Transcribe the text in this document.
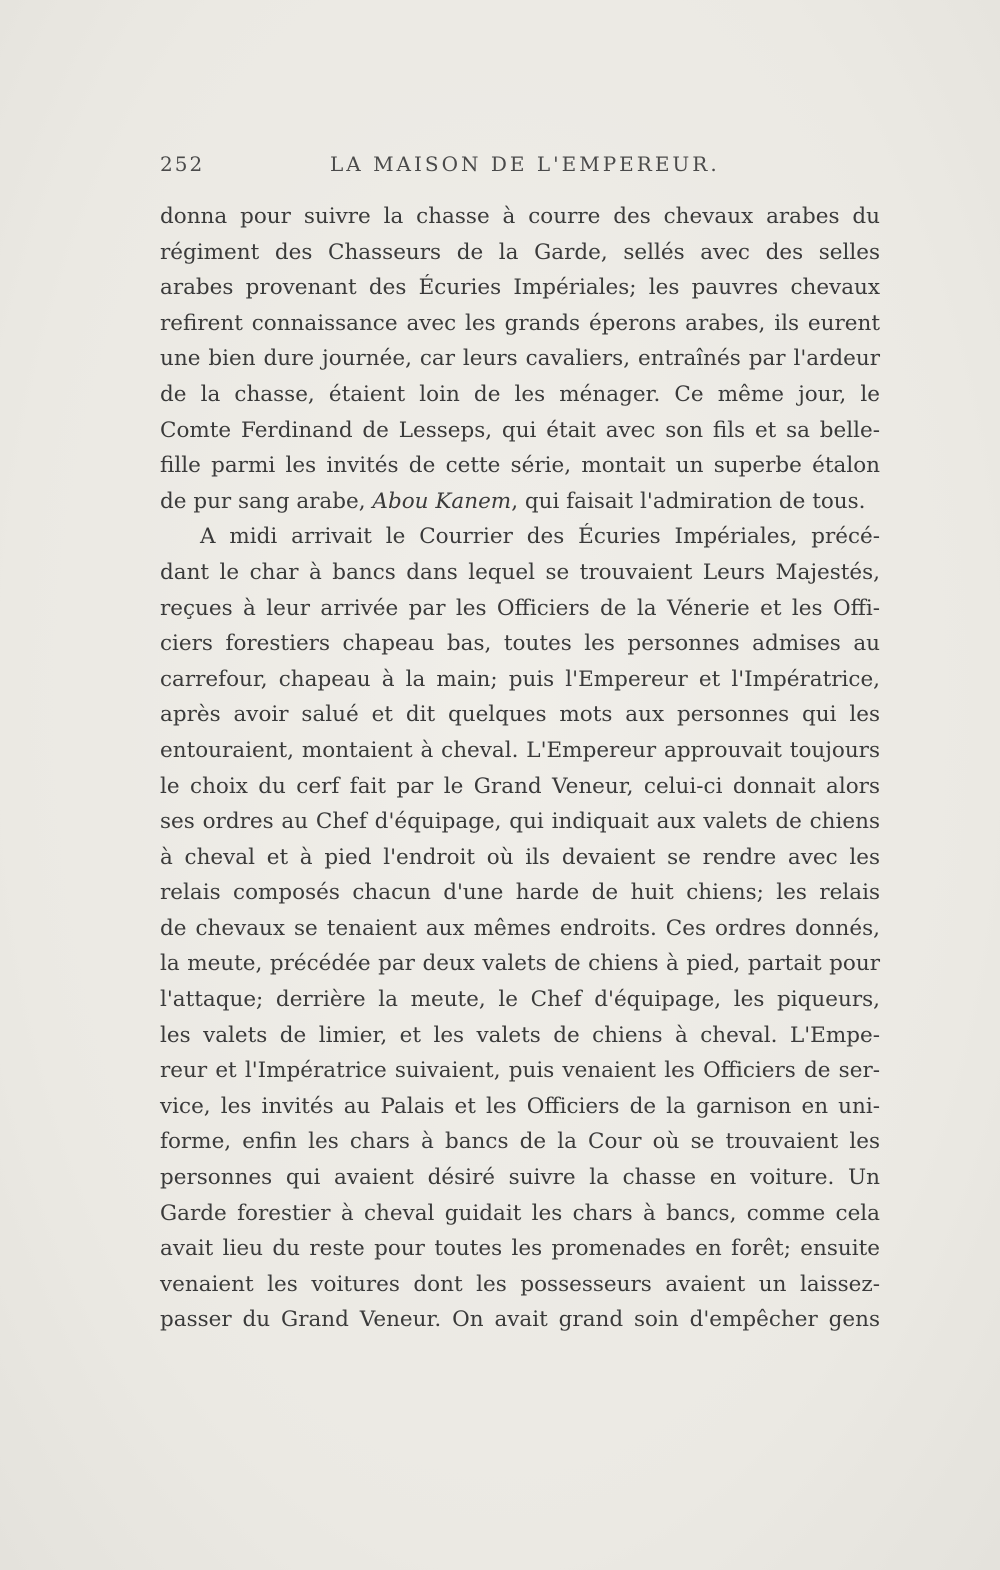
252	LA MAISON DE L'EMPEREUR.
donna pour suivre la chasse à courre des chevaux arabes du
régiment des Chasseurs de la Garde, sellés avec des selles
arabes provenant des Écuries Impériales; les pauvres chevaux
refirent connaissance avec les grands éperons arabes, ils eurent
une bien dure journée, car leurs cavaliers, entraînés par l'ardeur
de la chasse, étaient loin de les ménager. Ce même jour, le
Comte Ferdinand de Lesseps, qui était avec son fils et sa belle-
fille parmi les invités de cette série, montait un superbe étalon
de pur sang arabe, Abou Kanem, qui faisait l'admiration de tous.
A midi arrivait le Courrier des Écuries Impériales, précé-
dant le char à bancs dans lequel se trouvaient Leurs Majestés,
reçues à leur arrivée par les Officiers de la Vénerie et les Offi-
ciers forestiers chapeau bas, toutes les personnes admises au
carrefour, chapeau à la main; puis l'Empereur et l'Impératrice,
après avoir salué et dit quelques mots aux personnes qui les
entouraient, montaient à cheval. L'Empereur approuvait toujours
le choix du cerf fait par le Grand Veneur, celui-ci donnait alors
ses ordres au Chef d'équipage, qui indiquait aux valets de chiens
à cheval et à pied l'endroit où ils devaient se rendre avec les
relais composés chacun d'une harde de huit chiens; les relais
de chevaux se tenaient aux mêmes endroits. Ces ordres donnés,
la meute, précédée par deux valets de chiens à pied, partait pour
l'attaque; derrière la meute, le Chef d'équipage, les piqueurs,
les valets de limier, et les valets de chiens à cheval. L'Empe-
reur et l'Impératrice suivaient, puis venaient les Officiers de ser-
vice, les invités au Palais et les Officiers de la garnison en uni-
forme, enfin les chars à bancs de la Cour où se trouvaient les
personnes qui avaient désiré suivre la chasse en voiture. Un
Garde forestier à cheval guidait les chars à bancs, comme cela
avait lieu du reste pour toutes les promenades en forêt; ensuite
venaient les voitures dont les possesseurs avaient un laissez-
passer du Grand Veneur. On avait grand soin d'empêcher gens
